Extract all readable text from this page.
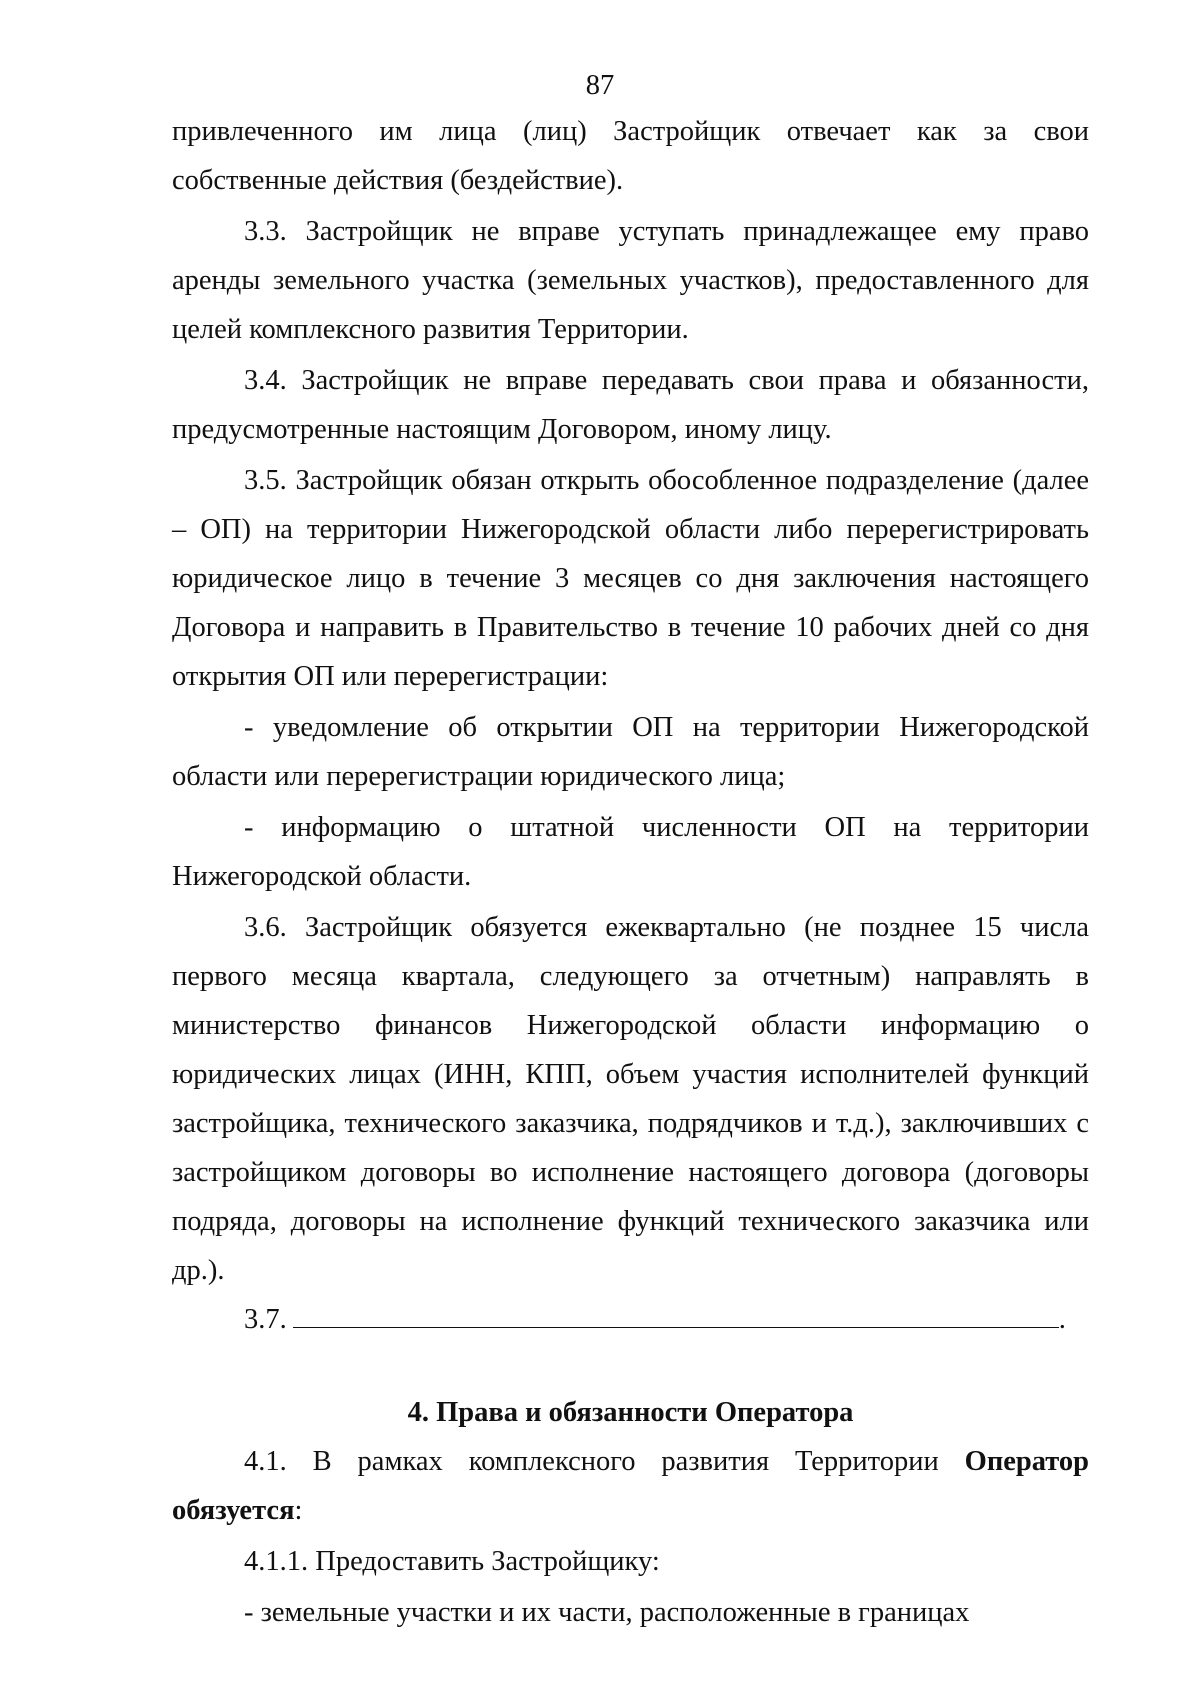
87

привлеченного им лица (лиц) Застройщик отвечает как за свои собственные действия (бездействие).

3.3. Застройщик не вправе уступать принадлежащее ему право аренды земельного участка (земельных участков), предоставленного для целей комплексного развития Территории.

3.4. Застройщик не вправе передавать свои права и обязанности, предусмотренные настоящим Договором, иному лицу.

3.5. Застройщик обязан открыть обособленное подразделение (далее – ОП) на территории Нижегородской области либо перерегистрировать юридическое лицо в течение 3 месяцев со дня заключения настоящего Договора и направить в Правительство в течение 10 рабочих дней со дня открытия ОП или перерегистрации:

- уведомление об открытии ОП на территории Нижегородской области или перерегистрации юридического лица;

- информацию о штатной численности ОП на территории Нижегородской области.

3.6. Застройщик обязуется ежеквартально (не позднее 15 числа первого месяца квартала, следующего за отчетным) направлять в министерство финансов Нижегородской области информацию о юридических лицах (ИНН, КПП, объем участия исполнителей функций застройщика, технического заказчика, подрядчиков и т.д.), заключивших с застройщиком договоры во исполнение настоящего договора (договоры подряда, договоры на исполнение функций технического заказчика или др.).

3.7.	.

4. Права и обязанности Оператора

4.1. В рамках комплексного развития Территории Оператор обязуется:

4.1.1. Предоставить Застройщику:

- земельные участки и их части, расположенные в границах
